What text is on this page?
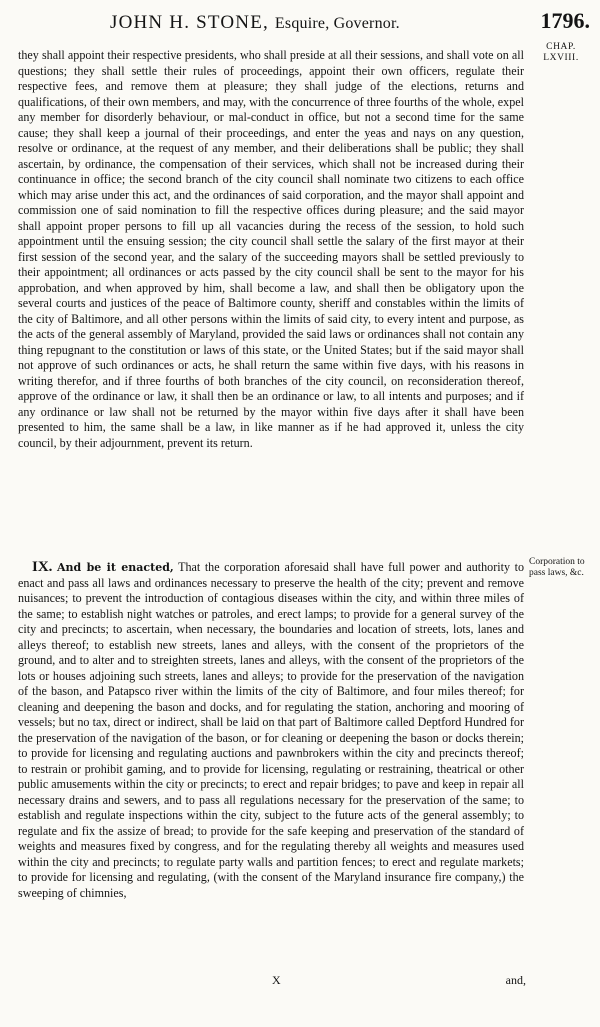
JOHN H. STONE, Esquire, Governor.	1796.
CHAP.
LXVIII.

they shall appoint their respective presidents, who shall preside at all their sessions, and shall vote on all questions; they shall settle their rules of proceedings, appoint their own officers, regulate their respective fees, and remove them at pleasure; they shall judge of the elections, returns and qualifications, of their own members, and may, with the concurrence of three fourths of the whole, expel any member for disorderly behaviour, or mal-conduct in office, but not a second time for the same cause; they shall keep a journal of their proceedings, and enter the yeas and nays on any question, resolve or ordinance, at the request of any member, and their deliberations shall be public; they shall ascertain, by ordinance, the compensation of their services, which shall not be increased during their continuance in office; the second branch of the city council shall nominate two citizens to each office which may arise under this act, and the ordinances of said corporation, and the mayor shall appoint and commission one of said nomination to fill the respective offices during pleasure; and the said mayor shall appoint proper persons to fill up all vacancies during the recess of the session, to hold such appointment until the ensuing session; the city council shall settle the salary of the first mayor at their first session of the second year, and the salary of the succeeding mayors shall be settled previously to their appointment; all ordinances or acts passed by the city council shall be sent to the mayor for his approbation, and when approved by him, shall become a law, and shall then be obligatory upon the several courts and justices of the peace of Baltimore county, sheriff and constables within the limits of the city of Baltimore, and all other persons within the limits of said city, to every intent and purpose, as the acts of the general assembly of Maryland, provided the said laws or ordinances shall not contain any thing repugnant to the constitution or laws of this state, or the United States; but if the said mayor shall not approve of such ordinances or acts, he shall return the same within five days, with his reasons in writing therefor, and if three fourths of both branches of the city council, on reconsideration thereof, approve of the ordinance or law, it shall then be an ordinance or law, to all intents and purposes; and if any ordinance or law shall not be returned by the mayor within five days after it shall have been presented to him, the same shall be a law, in like manner as if he had approved it, unless the city council, by their adjournment, prevent its return.

IX. And be it enacted, That the corporation aforesaid shall have full power and authority to enact and pass all laws and ordinances necessary to preserve the health of the city; prevent and remove nuisances; to prevent the introduction of contagious diseases within the city, and within three miles of the same; to establish night watches or patroles, and erect lamps; to provide for a general survey of the city and precincts; to ascertain, when necessary, the boundaries and location of streets, lots, lanes and alleys thereof; to establish new streets, lanes and alleys, with the consent of the proprietors of the ground, and to alter and to streighten streets, lanes and alleys, with the consent of the proprietors of the lots or houses adjoining such streets, lanes and alleys; to provide for the preservation of the navigation of the bason, and Patapsco river within the limits of the city of Baltimore, and four miles thereof; for cleaning and deepening the bason and docks, and for regulating the station, anchoring and mooring of vessels; but no tax, direct or indirect, shall be laid on that part of Baltimore called Deptford Hundred for the preservation of the navigation of the bason, or for cleaning or deepening the bason or docks therein; to provide for licensing and regulating auctions and pawnbrokers within the city and precincts thereof; to restrain or prohibit gaming, and to provide for licensing, regulating or restraining, theatrical or other public amusements within the city or precincts; to erect and repair bridges; to pave and keep in repair all necessary drains and sewers, and to pass all regulations necessary for the preservation of the same; to establish and regulate inspections within the city, subject to the future acts of the general assembly; to regulate and fix the assize of bread; to provide for the safe keeping and preservation of the standard of weights and measures fixed by congress, and for the regulating thereby all weights and measures used within the city and precincts; to regulate party walls and partition fences; to erect and regulate markets; to provide for licensing and regulating, (with the consent of the Maryland insurance fire company,) the sweeping of chimnies,

Corporation to pass laws, &c.
X	and,
